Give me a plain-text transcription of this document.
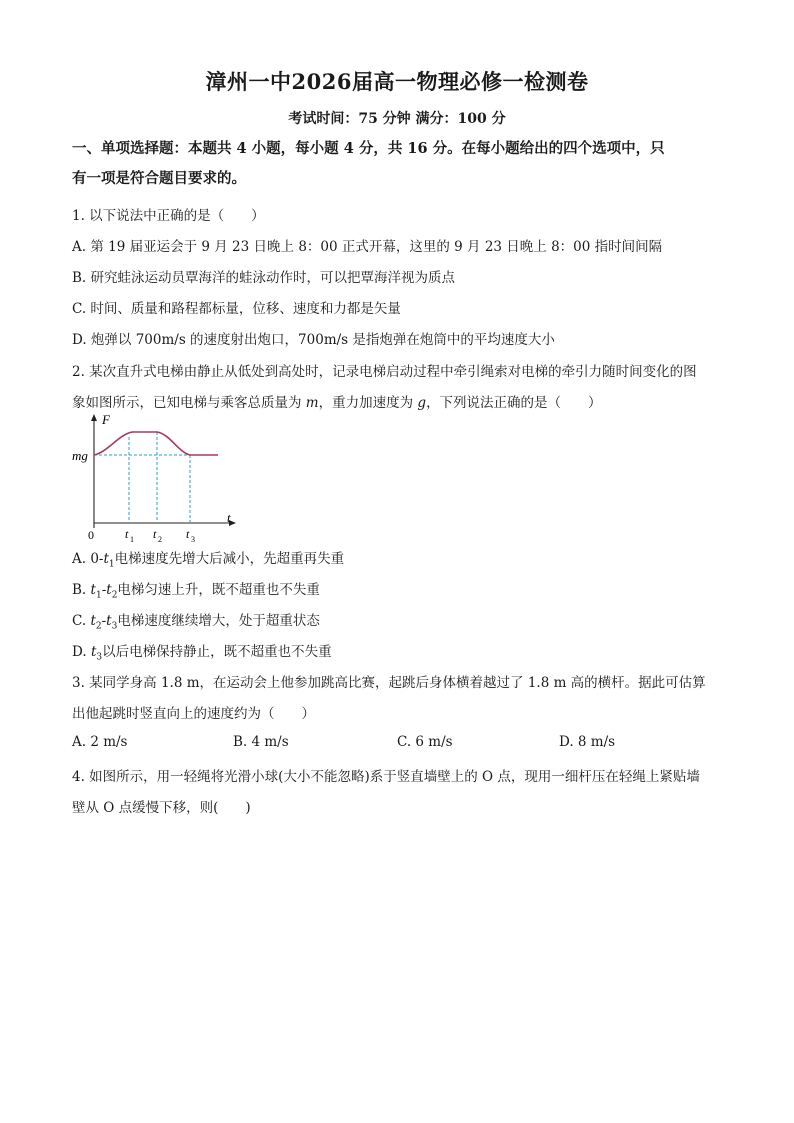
漳州一中2026届高一物理必修一检测卷
考试时间：75 分钟 满分：100 分
一、单项选择题：本题共 4 小题，每小题 4 分，共 16 分。在每小题给出的四个选项中，只
有一项是符合题目要求的。
1. 以下说法中正确的是（　　）
A. 第 19 届亚运会于 9 月 23 日晚上 8：00 正式开幕，这里的 9 月 23 日晚上 8：00 指时间间隔
B. 研究蛙泳运动员覃海洋的蛙泳动作时，可以把覃海洋视为质点
C. 时间、质量和路程都标量，位移、速度和力都是矢量
D. 炮弹以 700m/s 的速度射出炮口，700m/s 是指炮弹在炮筒中的平均速度大小
2. 某次直升式电梯由静止从低处到高处时，记录电梯启动过程中牵引绳索对电梯的牵引力随时间变化的图
象如图所示，已知电梯与乘客总质量为 m，重力加速度为 g，下列说法正确的是（　　）
F
mg
0
t
t 1 t 2 t 3
A. $0-t_1$电梯速度先增大后减小，先超重再失重
B. $t_1-t_2$电梯匀速上升，既不超重也不失重
C. $t_2-t_3$电梯速度继续增大，处于超重状态
D. $t_3$以后电梯保持静止，既不超重也不失重
3. 某同学身高 1.8 m，在运动会上他参加跳高比赛，起跳后身体横着越过了 1.8 m 高的横杆。据此可估算
出他起跳时竖直向上的速度约为（　　）
A. 2 m/s	B. 4 m/s	C. 6 m/s	D. 8 m/s
4. 如图所示，用一轻绳将光滑小球(大小不能忽略)系于竖直墙壁上的 O 点，现用一细杆压在轻绳上紧贴墙
壁从 O 点缓慢下移，则(　　)
